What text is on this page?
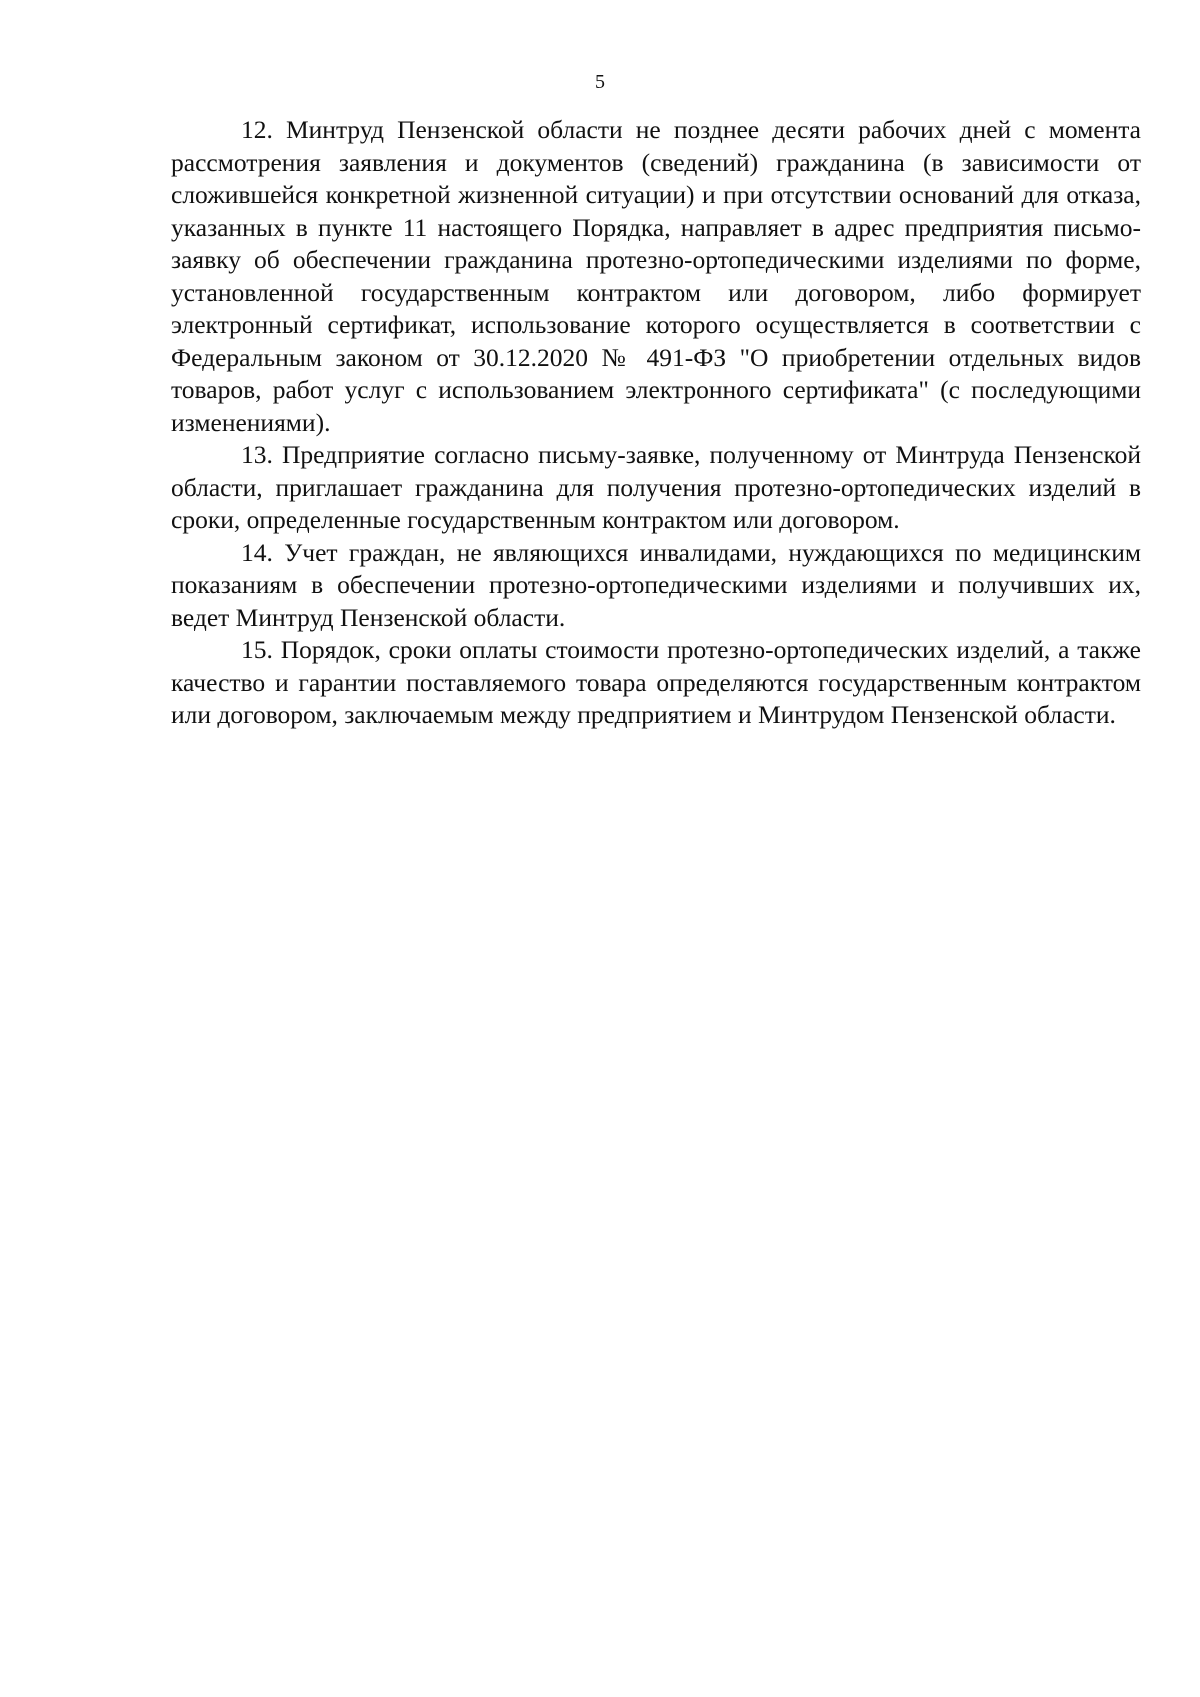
5

12. Минтруд Пензенской области не позднее десяти рабочих дней с момента рассмотрения заявления и документов (сведений) гражданина (в зависимости от сложившейся конкретной жизненной ситуации) и при отсутствии оснований для отказа, указанных в пункте 11 настоящего Порядка, направляет в адрес предприятия письмо-заявку об обеспечении гражданина протезно-ортопедическими изделиями по форме, установленной государственным контрактом или договором, либо формирует электронный сертификат, использование которого осуществляется в соответствии с Федеральным законом от 30.12.2020 № 491-ФЗ "О приобретении отдельных видов товаров, работ услуг с использованием электронного сертификата" (с последующими изменениями).

13. Предприятие согласно письму-заявке, полученному от Минтруда Пензенской области, приглашает гражданина для получения протезно-ортопедических изделий в сроки, определенные государственным контрактом или договором.

14. Учет граждан, не являющихся инвалидами, нуждающихся по медицинским показаниям в обеспечении протезно-ортопедическими изделиями и получивших их, ведет Минтруд Пензенской области.

15. Порядок, сроки оплаты стоимости протезно-ортопедических изделий, а также качество и гарантии поставляемого товара определяются государственным контрактом или договором, заключаемым между предприятием и Минтрудом Пензенской области.
